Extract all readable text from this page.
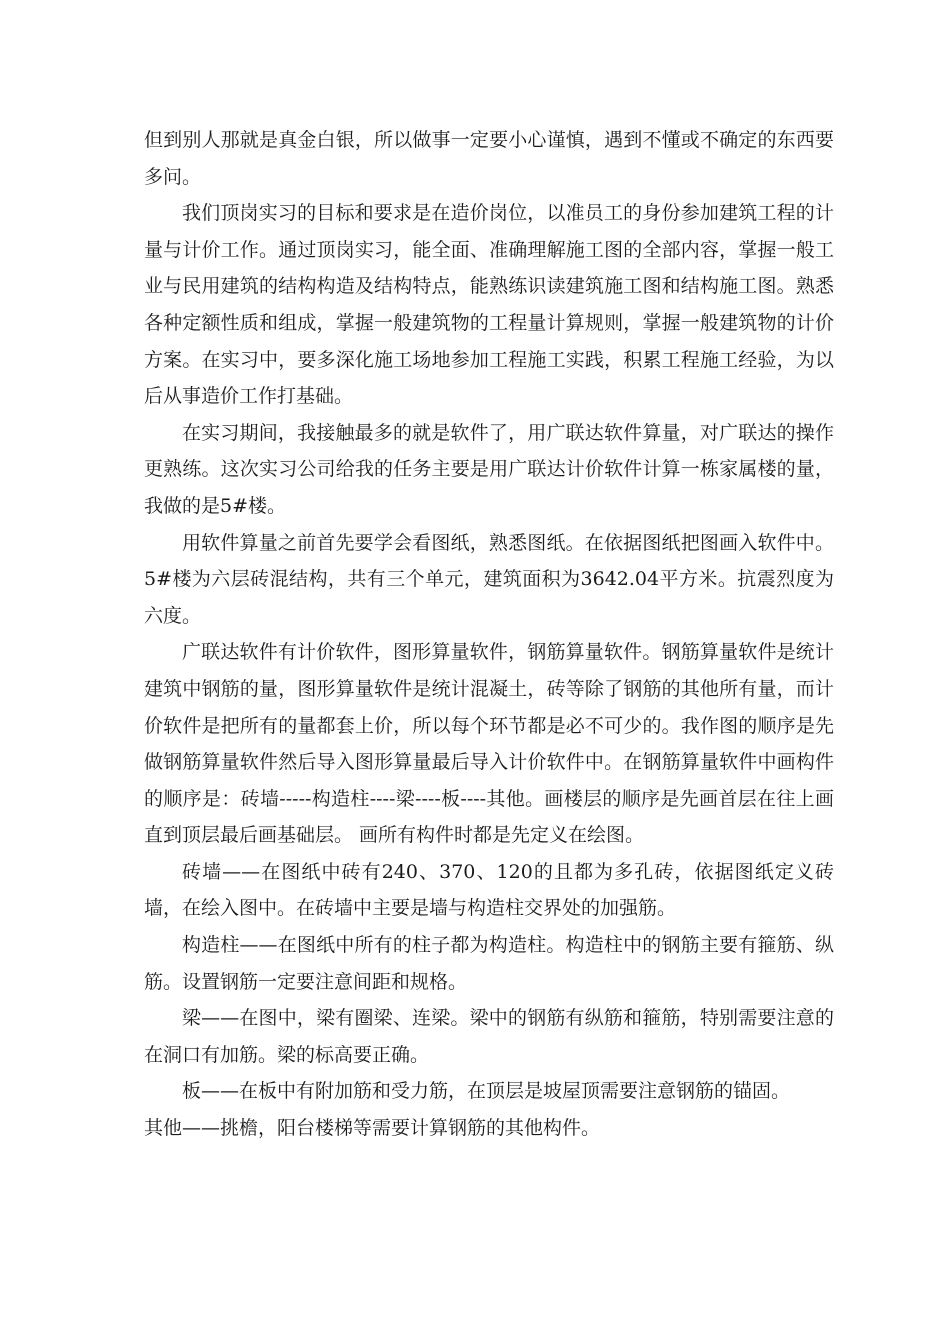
但到别人那就是真金白银，所以做事一定要小心谨慎，遇到不懂或不确定的东西要多问。

我们顶岗实习的目标和要求是在造价岗位，以准员工的身份参加建筑工程的计量与计价工作。通过顶岗实习，能全面、准确理解施工图的全部内容，掌握一般工业与民用建筑的结构构造及结构特点，能熟练识读建筑施工图和结构施工图。熟悉各种定额性质和组成，掌握一般建筑物的工程量计算规则，掌握一般建筑物的计价方案。在实习中，要多深化施工场地参加工程施工实践，积累工程施工经验，为以后从事造价工作打基础。

在实习期间，我接触最多的就是软件了，用广联达软件算量，对广联达的操作更熟练。这次实习公司给我的任务主要是用广联达计价软件计算一栋家属楼的量，我做的是5#楼。

用软件算量之前首先要学会看图纸，熟悉图纸。在依据图纸把图画入软件中。5#楼为六层砖混结构，共有三个单元，建筑面积为3642.04平方米。抗震烈度为六度。

广联达软件有计价软件，图形算量软件，钢筋算量软件。钢筋算量软件是统计建筑中钢筋的量，图形算量软件是统计混凝土，砖等除了钢筋的其他所有量，而计价软件是把所有的量都套上价，所以每个环节都是必不可少的。我作图的顺序是先做钢筋算量软件然后导入图形算量最后导入计价软件中。在钢筋算量软件中画构件的顺序是：砖墙-----构造柱----梁----板----其他。画楼层的顺序是先画首层在往上画直到顶层最后画基础层。 画所有构件时都是先定义在绘图。

砖墙——在图纸中砖有240、370、120的且都为多孔砖，依据图纸定义砖墙，在绘入图中。在砖墙中主要是墙与构造柱交界处的加强筋。

构造柱——在图纸中所有的柱子都为构造柱。构造柱中的钢筋主要有箍筋、纵筋。设置钢筋一定要注意间距和规格。

梁——在图中，梁有圈梁、连梁。梁中的钢筋有纵筋和箍筋，特别需要注意的在洞口有加筋。梁的标高要正确。

板——在板中有附加筋和受力筋，在顶层是坡屋顶需要注意钢筋的锚固。

其他——挑檐，阳台楼梯等需要计算钢筋的其他构件。
